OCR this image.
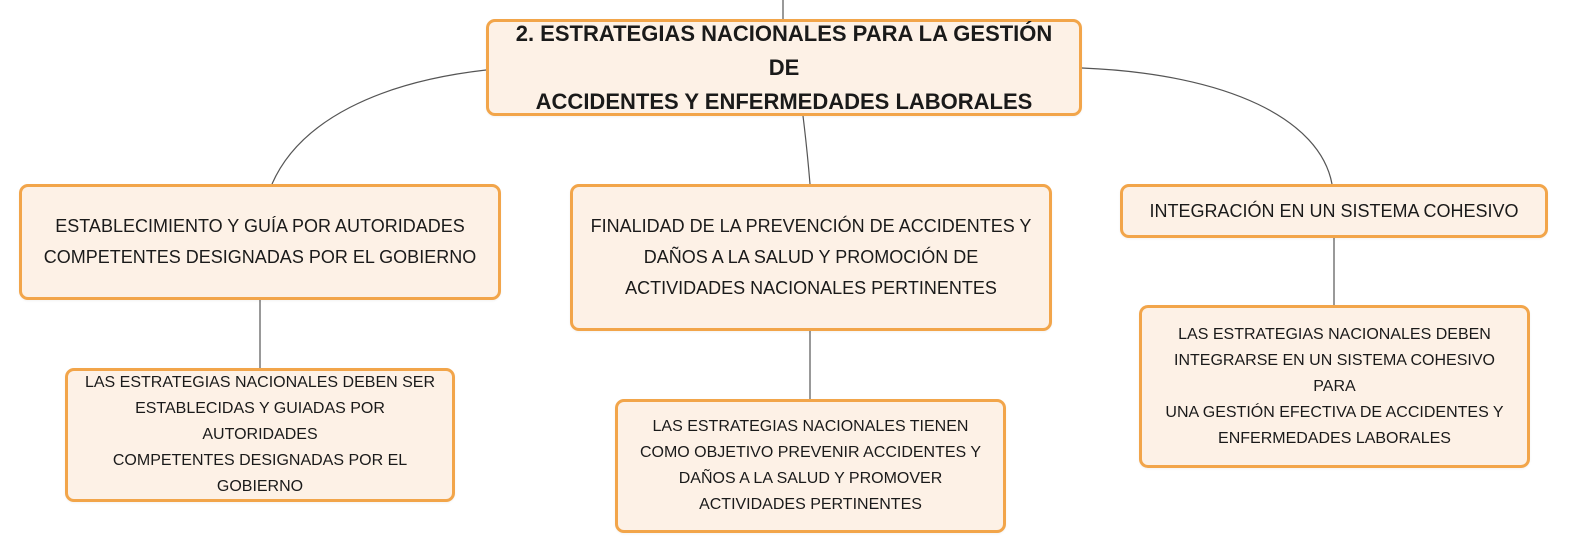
2. ESTRATEGIAS NACIONALES PARA LA GESTIÓN DE
ACCIDENTES Y ENFERMEDADES LABORALES
ESTABLECIMIENTO Y GUÍA POR AUTORIDADES
COMPETENTES DESIGNADAS POR EL GOBIERNO
FINALIDAD DE LA PREVENCIÓN DE ACCIDENTES Y
DAÑOS A LA SALUD Y PROMOCIÓN DE
ACTIVIDADES NACIONALES PERTINENTES
INTEGRACIÓN EN UN SISTEMA COHESIVO
LAS ESTRATEGIAS NACIONALES DEBEN SER
ESTABLECIDAS Y GUIADAS POR AUTORIDADES
COMPETENTES DESIGNADAS POR EL
GOBIERNO
LAS ESTRATEGIAS NACIONALES TIENEN
COMO OBJETIVO PREVENIR ACCIDENTES Y
DAÑOS A LA SALUD Y PROMOVER
ACTIVIDADES PERTINENTES
LAS ESTRATEGIAS NACIONALES DEBEN
INTEGRARSE EN UN SISTEMA COHESIVO PARA
UNA GESTIÓN EFECTIVA DE ACCIDENTES Y
ENFERMEDADES LABORALES
